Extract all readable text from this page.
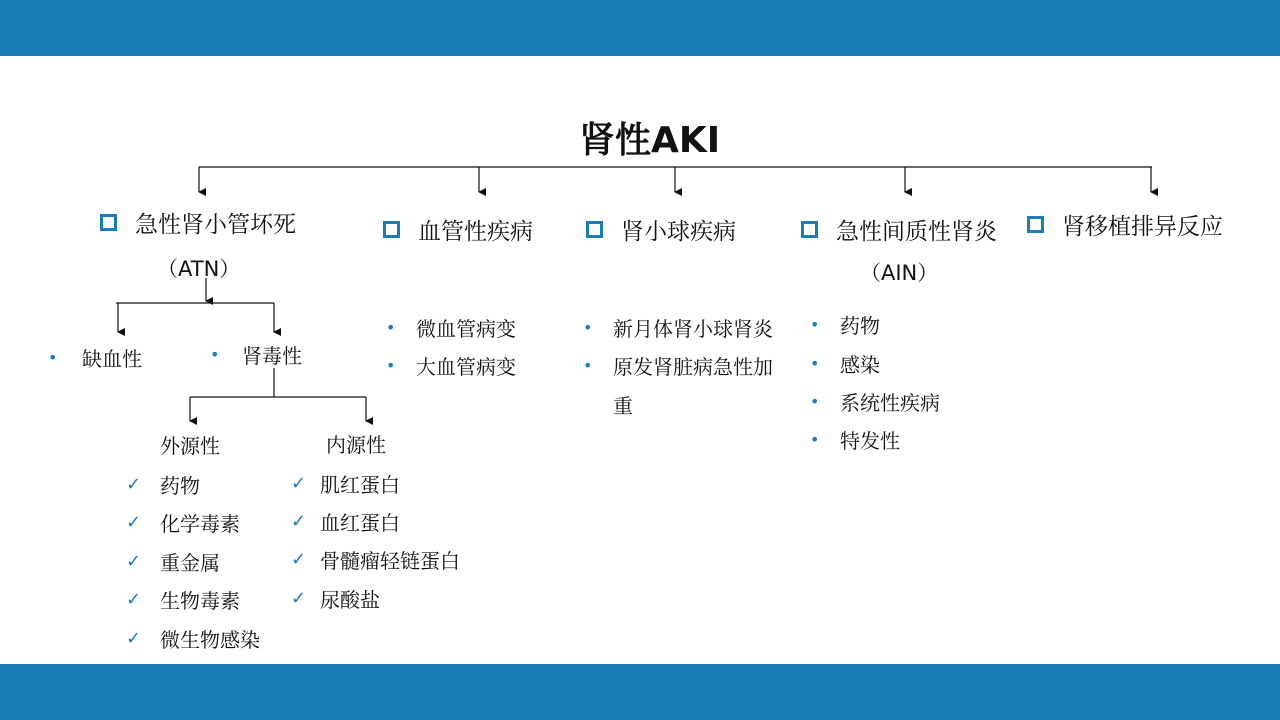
肾性AKI
急性肾小管坏死
（ATN）
血管性疾病	肾小球疾病	急性间质性肾炎
（AIN）
肾移植排异反应
•	缺血性	•	肾毒性
外源性	内源性
✓ 药物
✓ 化学毒素
✓ 重金属
✓ 生物毒素
✓ 微生物感染
✓ 肌红蛋白
✓ 血红蛋白
✓ 骨髓瘤轻链蛋白
✓ 尿酸盐
•	微血管病变
•	大血管病变
•	新月体肾小球肾炎
•	原发肾脏病急性加
重
•	药物
•	感染
•	系统性疾病
•	特发性
